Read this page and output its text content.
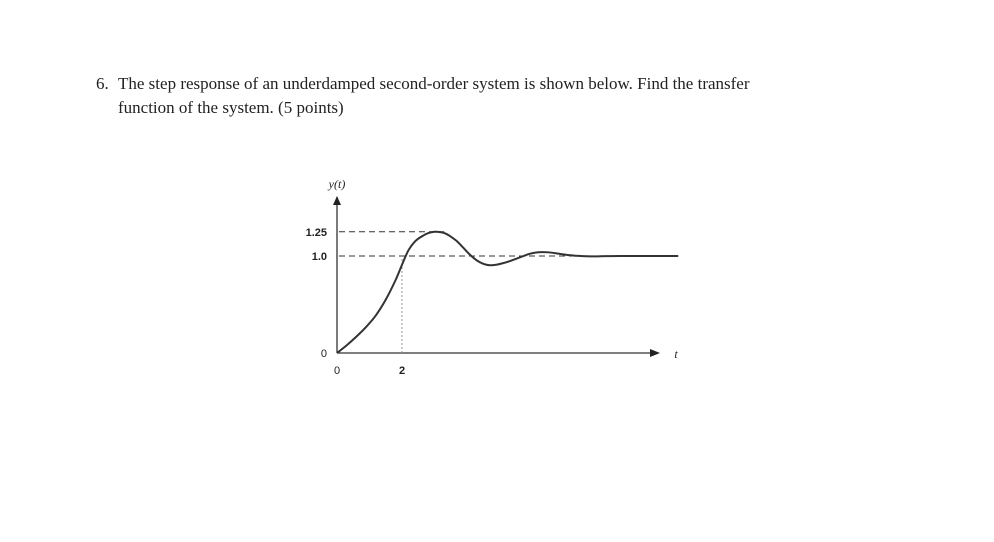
6. The step response of an underdamped second-order system is shown below. Find the transfer
function of the system. (5 points)
1.25
1.0
0
0	2
y(t)
t
